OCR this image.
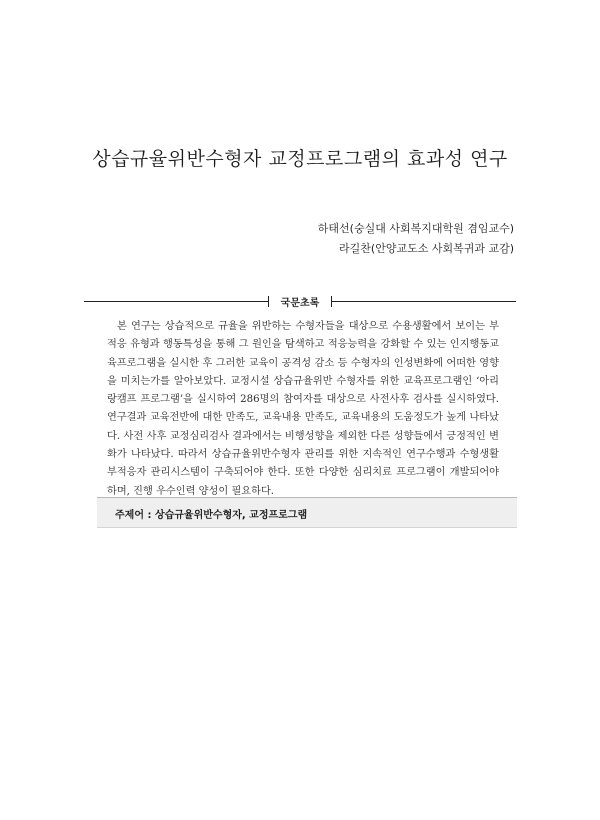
상습규율위반수형자 교정프로그램의 효과성 연구
하태선(숭실대 사회복지대학원 겸임교수)
라길찬(안양교도소 사회복귀과 교감)
국문초록

본 연구는 상습적으로 규율을 위반하는 수형자들을 대상으로 수용생활에서 보이는 부적응 유형과 행동특성을 통해 그 원인을 탐색하고 적응능력을 강화할 수 있는 인지행동교육프로그램을 실시한 후 그러한 교육이 공격성 감소 등 수형자의 인성변화에 어떠한 영향을 미치는가를 알아보았다. 교정시설 상습규율위반 수형자를 위한 교육프로그램인 ‘아리랑캠프 프로그램’을 실시하여 286명의 참여자를 대상으로 사전사후 검사를 실시하였다. 연구결과 교육전반에 대한 만족도, 교육내용 만족도, 교육내용의 도움정도가 높게 나타났다. 사전 사후 교정심리검사 결과에서는 비행성향을 제외한 다른 성향들에서 긍정적인 변화가 나타났다. 따라서 상습규율위반수형자 관리를 위한 지속적인 연구수행과 수형생활 부적응자 관리시스템이 구축되어야 한다. 또한 다양한 심리치료 프로그램이 개발되어야 하며, 진행 우수인력 양성이 필요하다.

주제어 : 상습규율위반수형자, 교정프로그램
